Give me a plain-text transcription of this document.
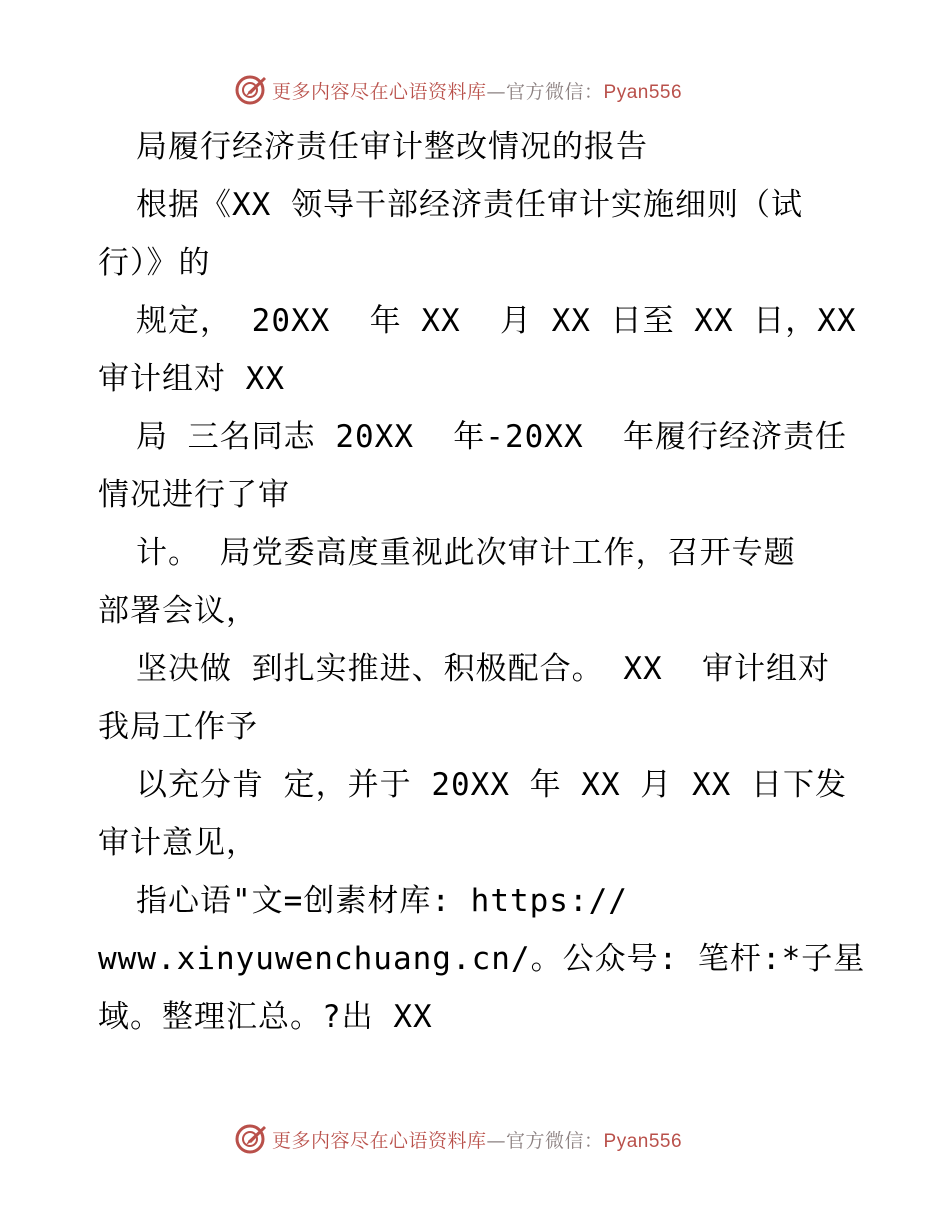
更多内容尽在心语资料库—官方微信：Pyan556
局履行经济责任审计整改情况的报告
根据《XX 领导干部经济责任审计实施细则（试
行）》的
规定， 20XX  年 XX  月 XX 日至 XX 日，XX
审计组对 XX
局 三名同志 20XX  年-20XX  年履行经济责任
情况进行了审
计。 局党委高度重视此次审计工作，召开专题
部署会议，
坚决做 到扎实推进、积极配合。 XX  审计组对
我局工作予
以充分肯 定，并于 20XX 年 XX 月 XX 日下发
审计意见，
指心语"文=创素材库: https://
www.xinyuwenchuang.cn/。公众号: 笔杆:*子星
域。整理汇总。?出 XX
更多内容尽在心语资料库—官方微信：Pyan556
